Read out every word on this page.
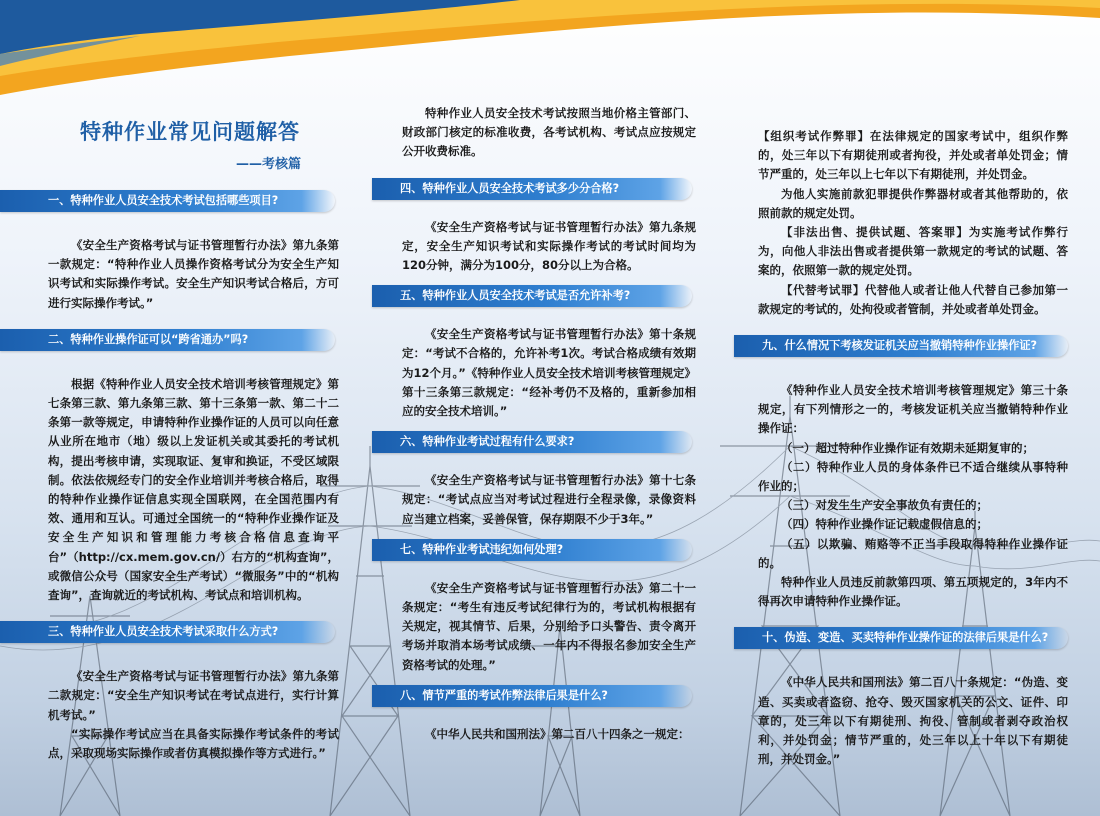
特种作业常见问题解答
——考核篇
一、特种作业人员安全技术考试包括哪些项目?

《安全生产资格考试与证书管理暂行办法》第九条第一款规定：“特种作业人员操作资格考试分为安全生产知识考试和实际操作考试。安全生产知识考试合格后，方可进行实际操作考试。”

二、特种作业操作证可以“跨省通办”吗?

根据《特种作业人员安全技术培训考核管理规定》第七条第三款、第九条第三款、第十三条第一款、第二十二条第一款等规定，申请特种作业操作证的人员可以向任意从业所在地市（地）级以上发证机关或其委托的考试机构，提出考核申请，实现取证、复审和换证，不受区域限制。依法依规经专门的安全作业培训并考核合格后，取得的特种作业操作证信息实现全国联网，在全国范围内有效、通用和互认。可通过全国统一的“特种作业操作证及安全生产知识和管理能力考核合格信息查询平台”（http://cx.mem.gov.cn/）右方的“机构查询”，或微信公众号（国家安全生产考试）“微服务”中的“机构查询”，查询就近的考试机构、考试点和培训机构。

三、特种作业人员安全技术考试采取什么方式?

《安全生产资格考试与证书管理暂行办法》第九条第二款规定：“安全生产知识考试在考试点进行，实行计算机考试。”

“实际操作考试应当在具备实际操作考试条件的考试点，采取现场实际操作或者仿真模拟操作等方式进行。”

特种作业人员安全技术考试按照当地价格主管部门、财政部门核定的标准收费，各考试机构、考试点应按规定公开收费标准。

四、特种作业人员安全技术考试多少分合格?

《安全生产资格考试与证书管理暂行办法》第九条规定，安全生产知识考试和实际操作考试的考试时间均为120分钟，满分为100分，80分以上为合格。

五、特种作业人员安全技术考试是否允许补考?

《安全生产资格考试与证书管理暂行办法》第十条规定：“考试不合格的，允许补考1次。考试合格成绩有效期为12个月。”《特种作业人员安全技术培训考核管理规定》第十三条第三款规定：“经补考仍不及格的，重新参加相应的安全技术培训。”

六、特种作业考试过程有什么要求?

《安全生产资格考试与证书管理暂行办法》第十七条规定：“考试点应当对考试过程进行全程录像，录像资料应当建立档案，妥善保管，保存期限不少于3年。”

七、特种作业考试违纪如何处理?

《安全生产资格考试与证书管理暂行办法》第二十一条规定：“考生有违反考试纪律行为的，考试机构根据有关规定，视其情节、后果，分别给予口头警告、责令离开考场并取消本场考试成绩、一年内不得报名参加安全生产资格考试的处理。”

八、情节严重的考试作弊法律后果是什么?

《中华人民共和国刑法》第二百八十四条之一规定：

【组织考试作弊罪】在法律规定的国家考试中，组织作弊的，处三年以下有期徒刑或者拘役，并处或者单处罚金；情节严重的，处三年以上七年以下有期徒刑，并处罚金。

为他人实施前款犯罪提供作弊器材或者其他帮助的，依照前款的规定处罚。

【非法出售、提供试题、答案罪】为实施考试作弊行为，向他人非法出售或者提供第一款规定的考试的试题、答案的，依照第一款的规定处罚。

【代替考试罪】代替他人或者让他人代替自己参加第一款规定的考试的，处拘役或者管制，并处或者单处罚金。

九、什么情况下考核发证机关应当撤销特种作业操作证?

《特种作业人员安全技术培训考核管理规定》第三十条规定，有下列情形之一的，考核发证机关应当撤销特种作业操作证：

（一）超过特种作业操作证有效期未延期复审的；

（二）特种作业人员的身体条件已不适合继续从事特种作业的；

（三）对发生生产安全事故负有责任的；

（四）特种作业操作证记载虚假信息的；

（五）以欺骗、贿赂等不正当手段取得特种作业操作证的。

特种作业人员违反前款第四项、第五项规定的，3年内不得再次申请特种作业操作证。

十、伪造、变造、买卖特种作业操作证的法律后果是什么?

《中华人民共和国刑法》第二百八十条规定：“伪造、变造、买卖或者盗窃、抢夺、毁灭国家机关的公文、证件、印章的，处三年以下有期徒刑、拘役、管制或者剥夺政治权利，并处罚金；情节严重的，处三年以上十年以下有期徒刑，并处罚金。”
